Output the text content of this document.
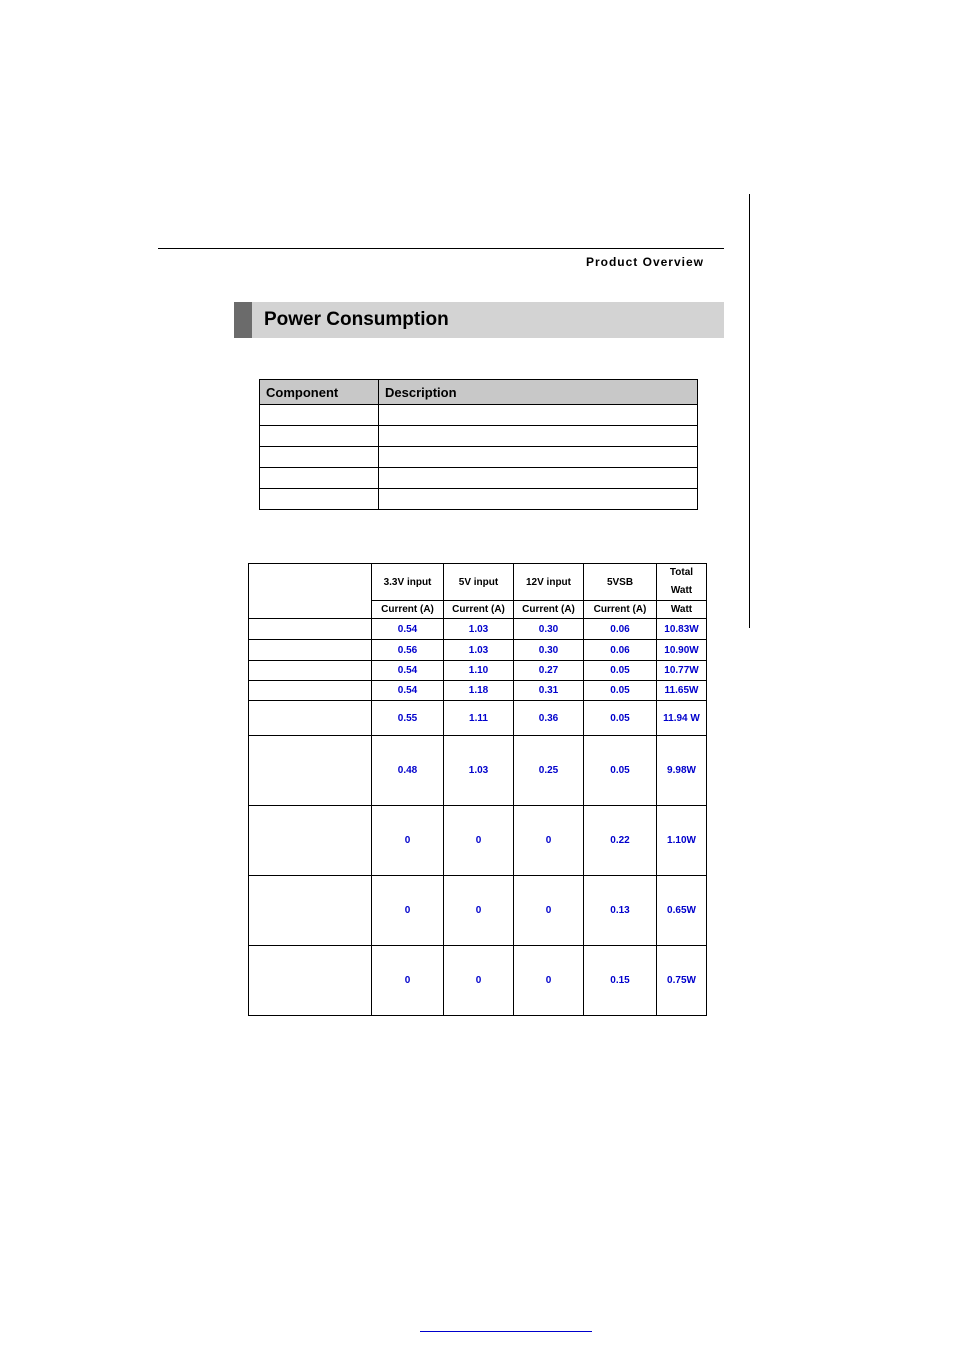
Product Overview
Power Consumption
Component	Description

	3.3V input	5V input	12V input	5VSB	Total
Watt
	Current (A)	Current (A)	Current (A)	Current (A)	Watt
	0.54	1.03	0.30	0.06	10.83W
	0.56	1.03	0.30	0.06	10.90W
	0.54	1.10	0.27	0.05	10.77W
	0.54	1.18	0.31	0.05	11.65W
	0.55	1.11	0.36	0.05	11.94 W
	0.48	1.03	0.25	0.05	9.98W
	0	0	0	0.22	1.10W
	0	0	0	0.13	0.65W
	0	0	0	0.15	0.75W
